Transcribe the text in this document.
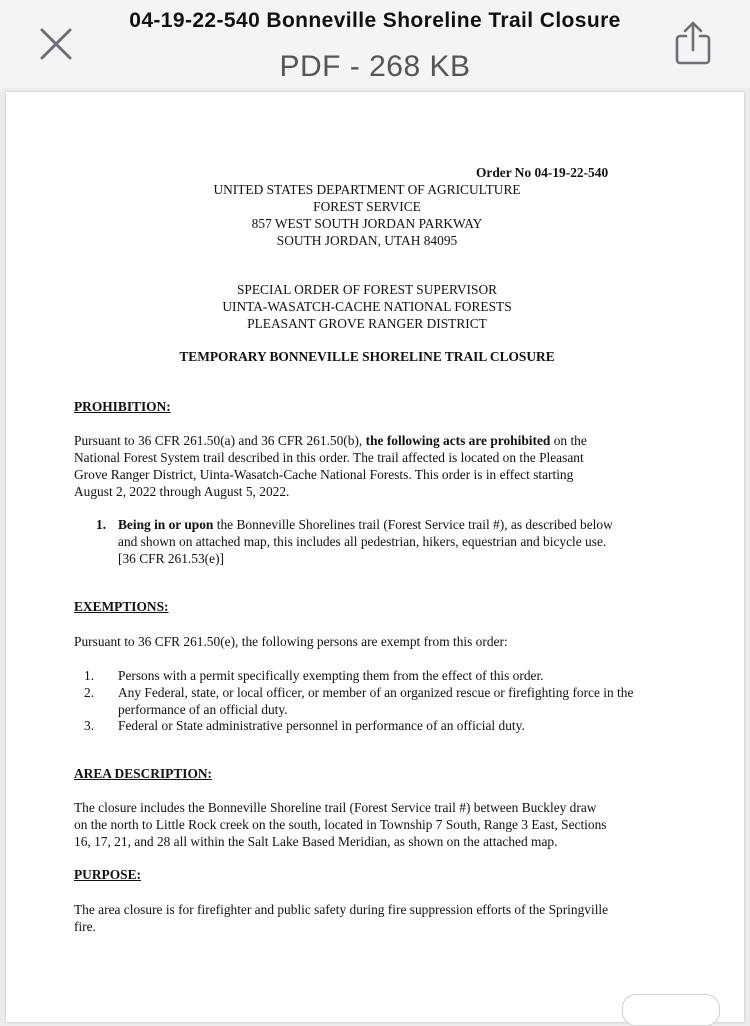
04-19-22-540 Bonneville Shoreline Trail Closure
PDF - 268 KB
Order No 04-19-22-540
UNITED STATES DEPARTMENT OF AGRICULTURE
FOREST SERVICE
857 WEST SOUTH JORDAN PARKWAY
SOUTH JORDAN, UTAH 84095
SPECIAL ORDER OF FOREST SUPERVISOR
UINTA-WASATCH-CACHE NATIONAL FORESTS
PLEASANT GROVE RANGER DISTRICT
TEMPORARY BONNEVILLE SHORELINE TRAIL CLOSURE
PROHIBITION:
Pursuant to 36 CFR 261.50(a) and 36 CFR 261.50(b), the following acts are prohibited on the
National Forest System trail described in this order. The trail affected is located on the Pleasant
Grove Ranger District, Uinta-Wasatch-Cache National Forests. This order is in effect starting
August 2, 2022 through August 5, 2022.
1. Being in or upon the Bonneville Shorelines trail (Forest Service trail #), as described below
and shown on attached map, this includes all pedestrian, hikers, equestrian and bicycle use.
[36 CFR 261.53(e)]
EXEMPTIONS:
Pursuant to 36 CFR 261.50(e), the following persons are exempt from this order:
1. Persons with a permit specifically exempting them from the effect of this order.
2. Any Federal, state, or local officer, or member of an organized rescue or firefighting force in the
performance of an official duty.
3. Federal or State administrative personnel in performance of an official duty.
AREA DESCRIPTION:
The closure includes the Bonneville Shoreline trail (Forest Service trail #) between Buckley draw
on the north to Little Rock creek on the south, located in Township 7 South, Range 3 East, Sections
16, 17, 21, and 28 all within the Salt Lake Based Meridian, as shown on the attached map.
PURPOSE:
The area closure is for firefighter and public safety during fire suppression efforts of the Springville
fire.
